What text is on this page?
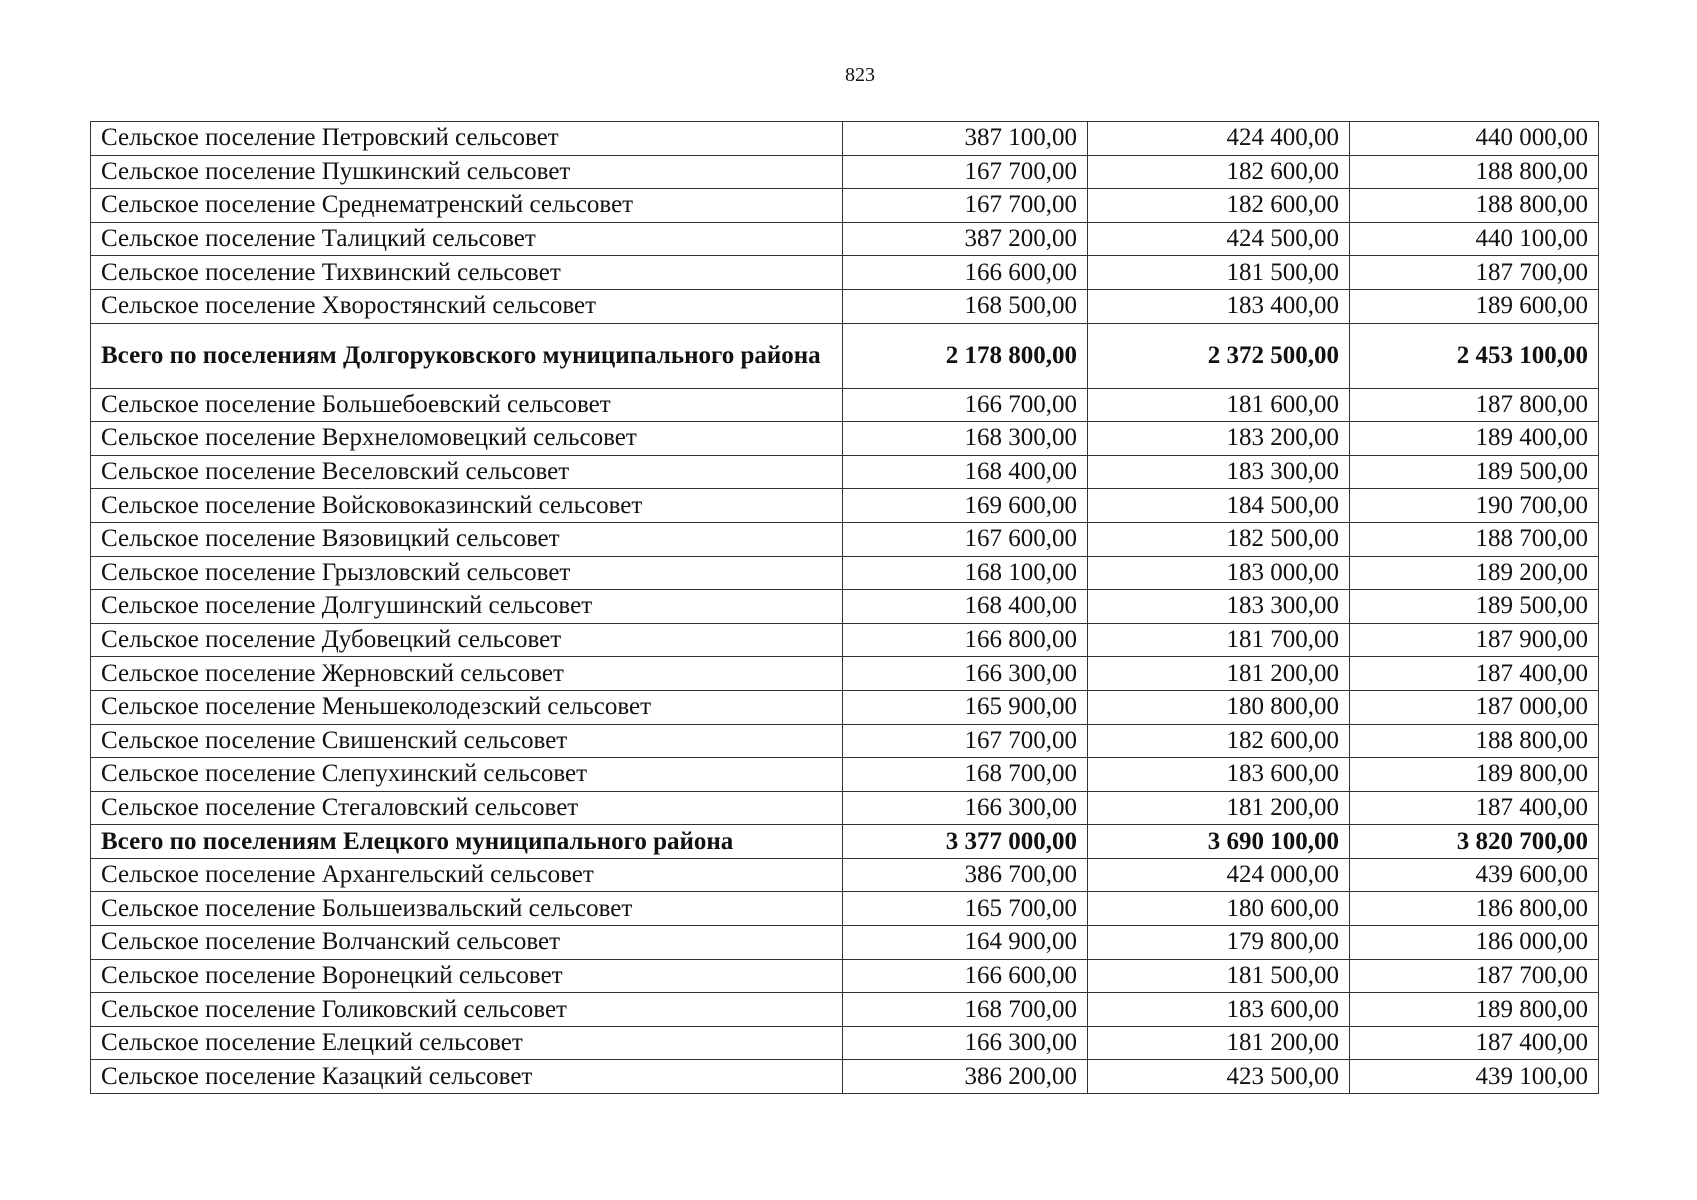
823
Сельское поселение Петровский сельсовет	387 100,00	424 400,00	440 000,00
Сельское поселение Пушкинский сельсовет	167 700,00	182 600,00	188 800,00
Сельское поселение Среднематренский сельсовет	167 700,00	182 600,00	188 800,00
Сельское поселение Талицкий сельсовет	387 200,00	424 500,00	440 100,00
Сельское поселение Тихвинский сельсовет	166 600,00	181 500,00	187 700,00
Сельское поселение Хворостянский сельсовет	168 500,00	183 400,00	189 600,00
Всего по поселениям Долгоруковского муниципального района	2 178 800,00	2 372 500,00	2 453 100,00
Сельское поселение Большебоевский сельсовет	166 700,00	181 600,00	187 800,00
Сельское поселение Верхнеломовецкий сельсовет	168 300,00	183 200,00	189 400,00
Сельское поселение Веселовский сельсовет	168 400,00	183 300,00	189 500,00
Сельское поселение Войсковоказинский сельсовет	169 600,00	184 500,00	190 700,00
Сельское поселение Вязовицкий сельсовет	167 600,00	182 500,00	188 700,00
Сельское поселение Грызловский сельсовет	168 100,00	183 000,00	189 200,00
Сельское поселение Долгушинский сельсовет	168 400,00	183 300,00	189 500,00
Сельское поселение Дубовецкий сельсовет	166 800,00	181 700,00	187 900,00
Сельское поселение Жерновский сельсовет	166 300,00	181 200,00	187 400,00
Сельское поселение Меньшеколодезский сельсовет	165 900,00	180 800,00	187 000,00
Сельское поселение Свишенский сельсовет	167 700,00	182 600,00	188 800,00
Сельское поселение Слепухинский сельсовет	168 700,00	183 600,00	189 800,00
Сельское поселение Стегаловский сельсовет	166 300,00	181 200,00	187 400,00
Всего по поселениям Елецкого муниципального района	3 377 000,00	3 690 100,00	3 820 700,00
Сельское поселение Архангельский сельсовет	386 700,00	424 000,00	439 600,00
Сельское поселение Большеизвальский сельсовет	165 700,00	180 600,00	186 800,00
Сельское поселение Волчанский сельсовет	164 900,00	179 800,00	186 000,00
Сельское поселение Воронецкий сельсовет	166 600,00	181 500,00	187 700,00
Сельское поселение Голиковский сельсовет	168 700,00	183 600,00	189 800,00
Сельское поселение Елецкий сельсовет	166 300,00	181 200,00	187 400,00
Сельское поселение Казацкий сельсовет	386 200,00	423 500,00	439 100,00
